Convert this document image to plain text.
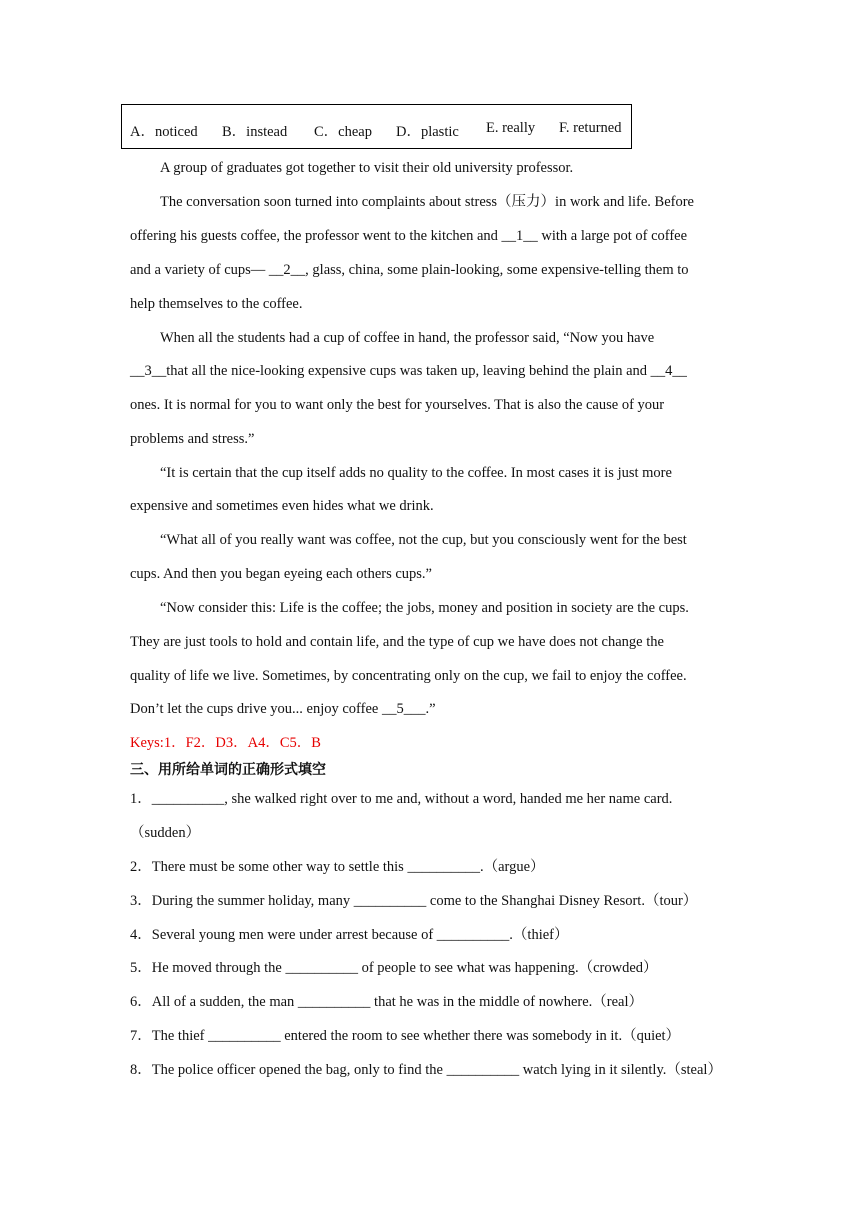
A．noticed B．instead C．cheap D．plastic E. really F. returned
A group of graduates got together to visit their old university professor.
The conversation soon turned into complaints about stress（压力）in work and life. Before
offering his guests coffee, the professor went to the kitchen and __1__ with a large pot of coffee
and a variety of cups— __2__, glass, china, some plain-looking, some expensive-telling them to
help themselves to the coffee.
When all the students had a cup of coffee in hand, the professor said, “Now you have
__3__that all the nice-looking expensive cups was taken up, leaving behind the plain and __4__
ones. It is normal for you to want only the best for yourselves. That is also the cause of your
problems and stress.”
“It is certain that the cup itself adds no quality to the coffee. In most cases it is just more
expensive and sometimes even hides what we drink.
“What all of you really want was coffee, not the cup, but you consciously went for the best
cups. And then you began eyeing each others cups.”
“Now consider this: Life is the coffee; the jobs, money and position in society are the cups.
They are just tools to hold and contain life, and the type of cup we have does not change the
quality of life we live. Sometimes, by concentrating only on the cup, we fail to enjoy the coffee.
Don’t let the cups drive you... enjoy coffee __5___.”
Keys:1．F2．D3．A4．C5．B
三、用所给单词的正确形式填空
1．__________, she walked right over to me and, without a word, handed me her name card.
（sudden）
2．There must be some other way to settle this __________.（argue）
3．During the summer holiday, many __________ come to the Shanghai Disney Resort.（tour）
4．Several young men were under arrest because of __________.（thief）
5．He moved through the __________ of people to see what was happening.（crowded）
6．All of a sudden, the man __________ that he was in the middle of nowhere.（real）
7．The thief __________ entered the room to see whether there was somebody in it.（quiet）
8．The police officer opened the bag, only to find the __________ watch lying in it silently.（steal）
